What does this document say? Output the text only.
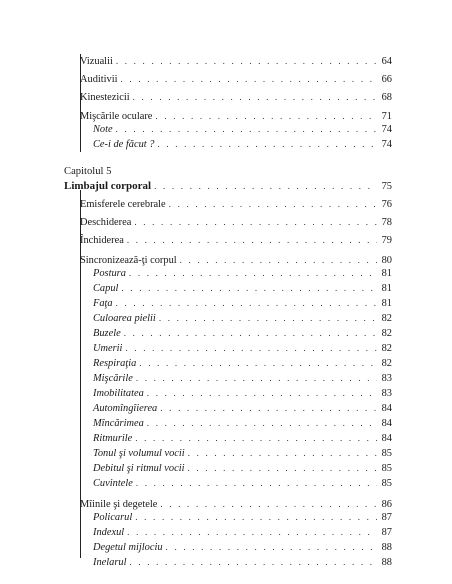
Vizualii . . .	64
Auditivii . . .	66
Kinestezicii . . .	68
Mişcările oculare . . .	71
Note . . .	74
Ce-i de făcut ? . . .	74
Capitolul 5
Limbajul corporal . . .	75
Emisferele cerebrale . . .	76
Deschiderea . . .	78
Închiderea . . .	79
Sincronizează-ţi corpul . . .	80
Postura . . .	81
Capul . . .	81
Faţa . . .	81
Culoarea pielii . . .	82
Buzele . . .	82
Umerii . . .	82
Respiraţia . . .	82
Mişcările . . .	83
Imobilitatea . . .	83
Automîngîierea . . .	84
Mîncărimea . . .	84
Ritmurile . . .	84
Tonul şi volumul vocii . . .	85
Debitul şi ritmul vocii . . .	85
Cuvintele . . .	85
Mîinile şi degetele . . .	86
Policarul . . .	87
Indexul . . .	87
Degetul mijlociu . . .	88
Inelarul . . .	88
